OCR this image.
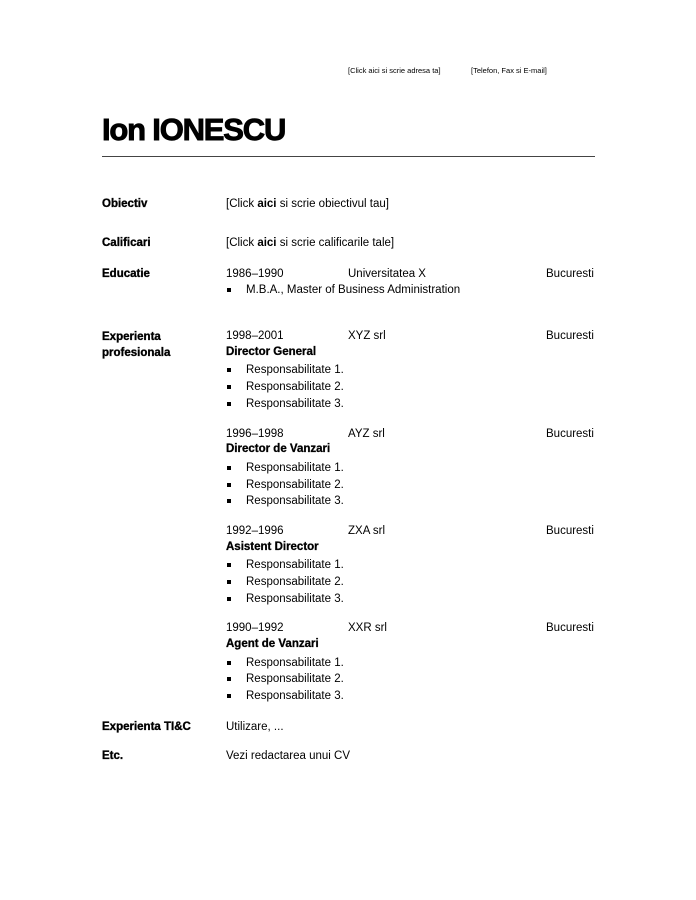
[Click aici si scrie adresa ta]	[Telefon, Fax si E-mail]
Ion IONESCU
Obiectiv	[Click aici si scrie obiectivul tau]
Calificari	[Click aici si scrie calificarile tale]
Educatie	1986–1990	Universitatea X	Bucuresti
M.B.A., Master of Business Administration
Experienta
profesionala
1998–2001	XYZ srl	Bucuresti
Director General
Responsabilitate 1.
Responsabilitate 2.
Responsabilitate 3.
1996–1998	AYZ srl	Bucuresti
Director de Vanzari
Responsabilitate 1.
Responsabilitate 2.
Responsabilitate 3.
1992–1996	ZXA srl	Bucuresti
Asistent Director
Responsabilitate 1.
Responsabilitate 2.
Responsabilitate 3.
1990–1992	XXR srl	Bucuresti
Agent de Vanzari
Responsabilitate 1.
Responsabilitate 2.
Responsabilitate 3.
Experienta TI&C	Utilizare, ...
Etc.	Vezi redactarea unui CV
